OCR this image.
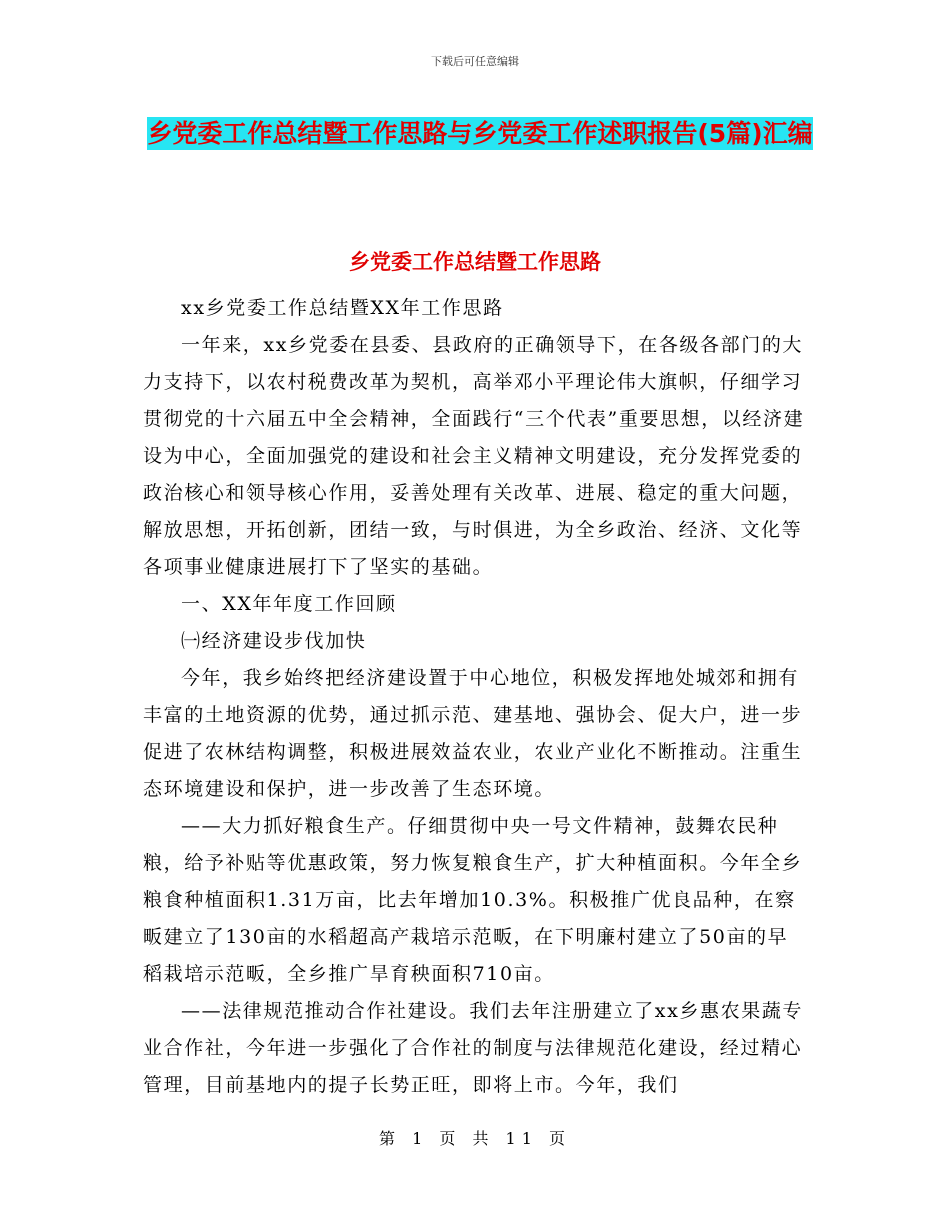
下载后可任意编辑
乡党委工作总结暨工作思路与乡党委工作述职报告(5篇)汇编
乡党委工作总结暨工作思路

xx乡党委工作总结暨XX年工作思路

一年来，xx乡党委在县委、县政府的正确领导下，在各级各部门的大力支持下，以农村税费改革为契机，高举邓小平理论伟大旗帜，仔细学习贯彻党的十六届五中全会精神，全面践行“三个代表”重要思想，以经济建设为中心，全面加强党的建设和社会主义精神文明建设，充分发挥党委的政治核心和领导核心作用，妥善处理有关改革、进展、稳定的重大问题，解放思想，开拓创新，团结一致，与时俱进，为全乡政治、经济、文化等各项事业健康进展打下了坚实的基础。

一、XX年年度工作回顾

㈠经济建设步伐加快

今年，我乡始终把经济建设置于中心地位，积极发挥地处城郊和拥有丰富的土地资源的优势，通过抓示范、建基地、强协会、促大户，进一步促进了农林结构调整，积极进展效益农业，农业产业化不断推动。注重生态环境建设和保护，进一步改善了生态环境。

——大力抓好粮食生产。仔细贯彻中央一号文件精神，鼓舞农民种粮，给予补贴等优惠政策，努力恢复粮食生产，扩大种植面积。今年全乡粮食种植面积1.31万亩，比去年增加10.3%。积极推广优良品种，在察畈建立了130亩的水稻超高产栽培示范畈，在下明廉村建立了50亩的早稻栽培示范畈，全乡推广旱育秧面积710亩。

——法律规范推动合作社建设。我们去年注册建立了xx乡惠农果蔬专业合作社，今年进一步强化了合作社的制度与法律规范化建设，经过精心管理，目前基地内的提子长势正旺，即将上市。今年，我们

第 1 页 共 11 页
